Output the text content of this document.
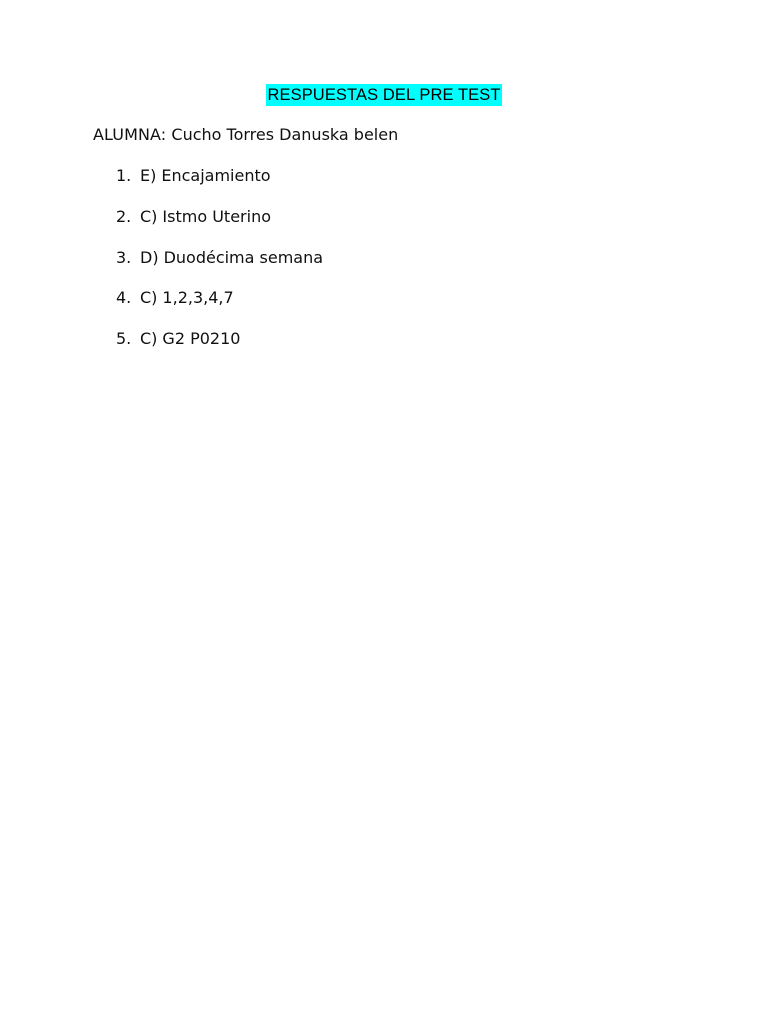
RESPUESTAS DEL PRE TEST
ALUMNA: Cucho Torres Danuska belen
1. E) Encajamiento
2. C) Istmo Uterino
3. D) Duodécima semana
4. C) 1,2,3,4,7
5. C) G2 P0210
